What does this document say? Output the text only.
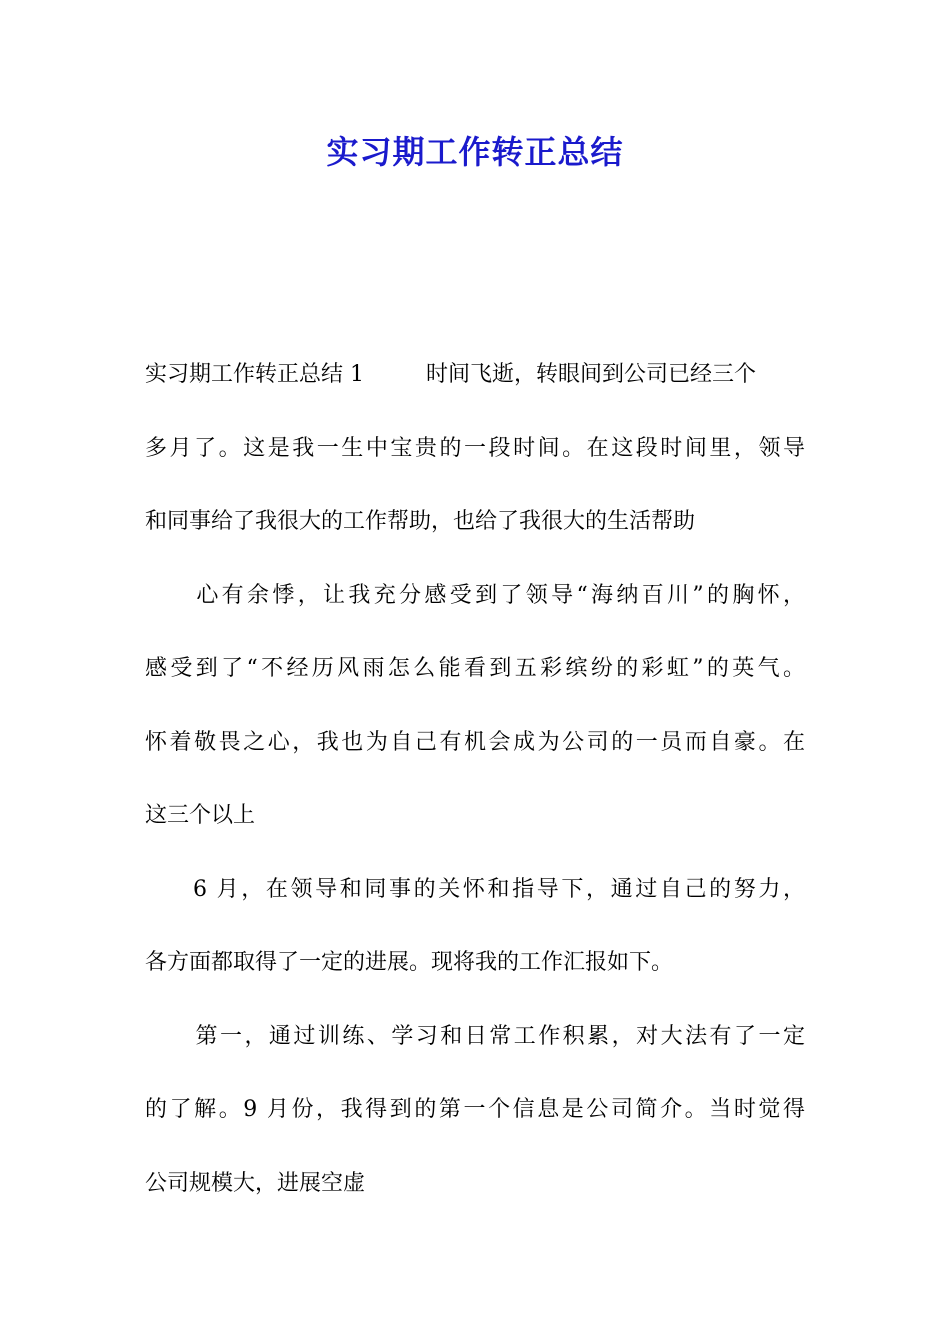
实习期工作转正总结
实习期工作转正总结 1	时间飞逝，转眼间到公司已经三个
多月了。这是我一生中宝贵的一段时间。在这段时间里，领导
和同事给了我很大的工作帮助，也给了我很大的生活帮助
心有余悸，让我充分感受到了领导“海纳百川”的胸怀，
感受到了“不经历风雨怎么能看到五彩缤纷的彩虹”的英气。
怀着敬畏之心，我也为自己有机会成为公司的一员而自豪。在
这三个以上
6 月，在领导和同事的关怀和指导下，通过自己的努力，
各方面都取得了一定的进展。现将我的工作汇报如下。
第一，通过训练、学习和日常工作积累，对大法有了一定
的了解。9 月份，我得到的第一个信息是公司简介。当时觉得
公司规模大，进展空虚
